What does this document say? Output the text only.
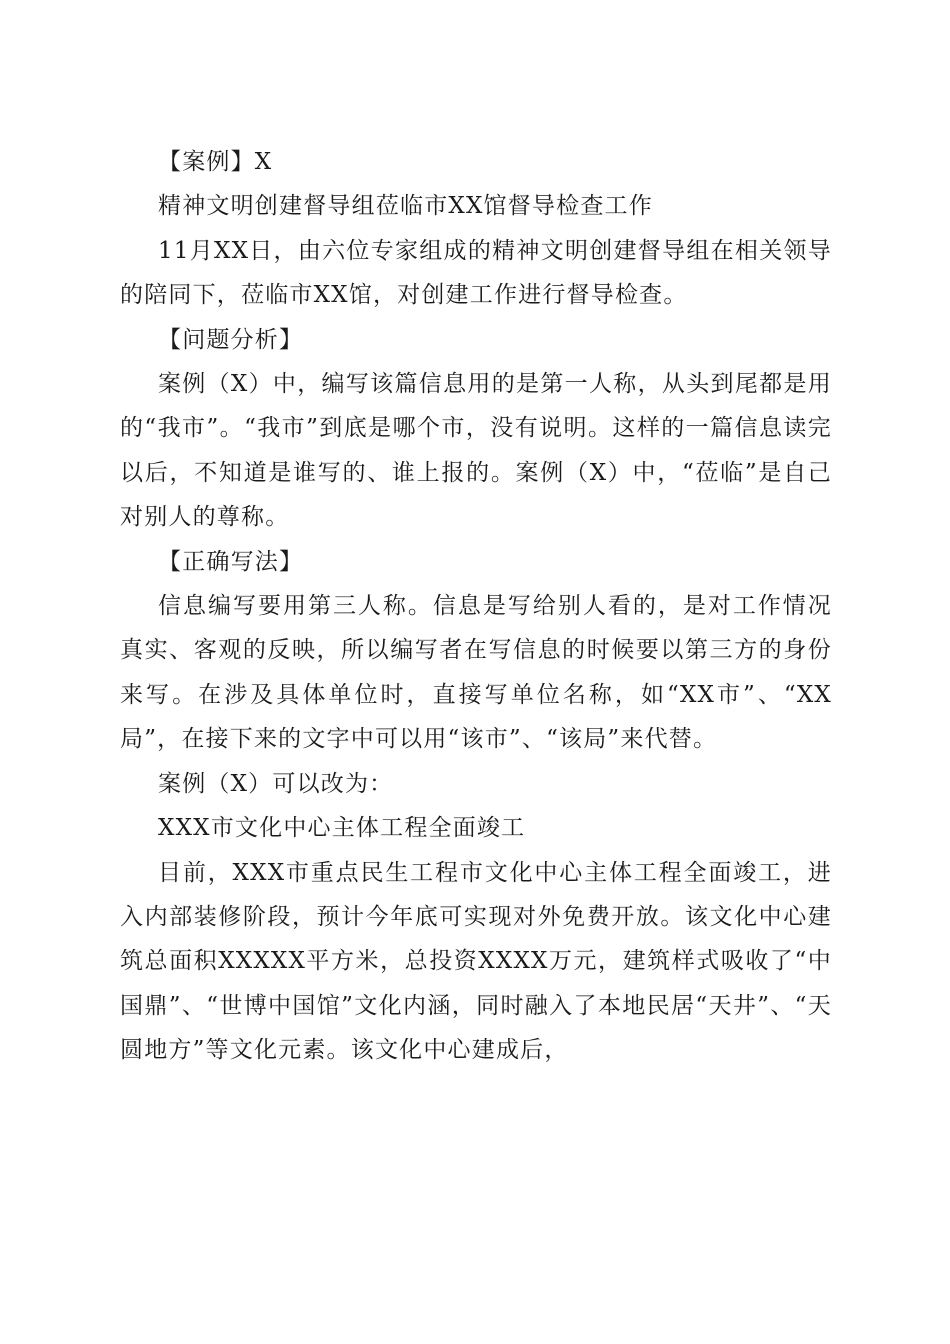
【案例】X

精神文明创建督导组莅临市XX馆督导检查工作

11月XX日，由六位专家组成的精神文明创建督导组在相关领导的陪同下，莅临市XX馆，对创建工作进行督导检查。

【问题分析】

案例（X）中，编写该篇信息用的是第一人称，从头到尾都是用的“我市”。“我市”到底是哪个市，没有说明。这样的一篇信息读完以后，不知道是谁写的、谁上报的。案例（X）中，“莅临”是自己对别人的尊称。

【正确写法】

信息编写要用第三人称。信息是写给别人看的，是对工作情况真实、客观的反映，所以编写者在写信息的时候要以第三方的身份来写。在涉及具体单位时，直接写单位名称，如“XX市”、“XX局”，在接下来的文字中可以用“该市”、“该局”来代替。

案例（X）可以改为：

XXX市文化中心主体工程全面竣工

目前，XXX市重点民生工程市文化中心主体工程全面竣工，进入内部装修阶段，预计今年底可实现对外免费开放。该文化中心建筑总面积XXXXX平方米，总投资XXXX万元，建筑样式吸收了“中国鼎”、“世博中国馆”文化内涵，同时融入了本地民居“天井”、“天圆地方”等文化元素。该文化中心建成后，
